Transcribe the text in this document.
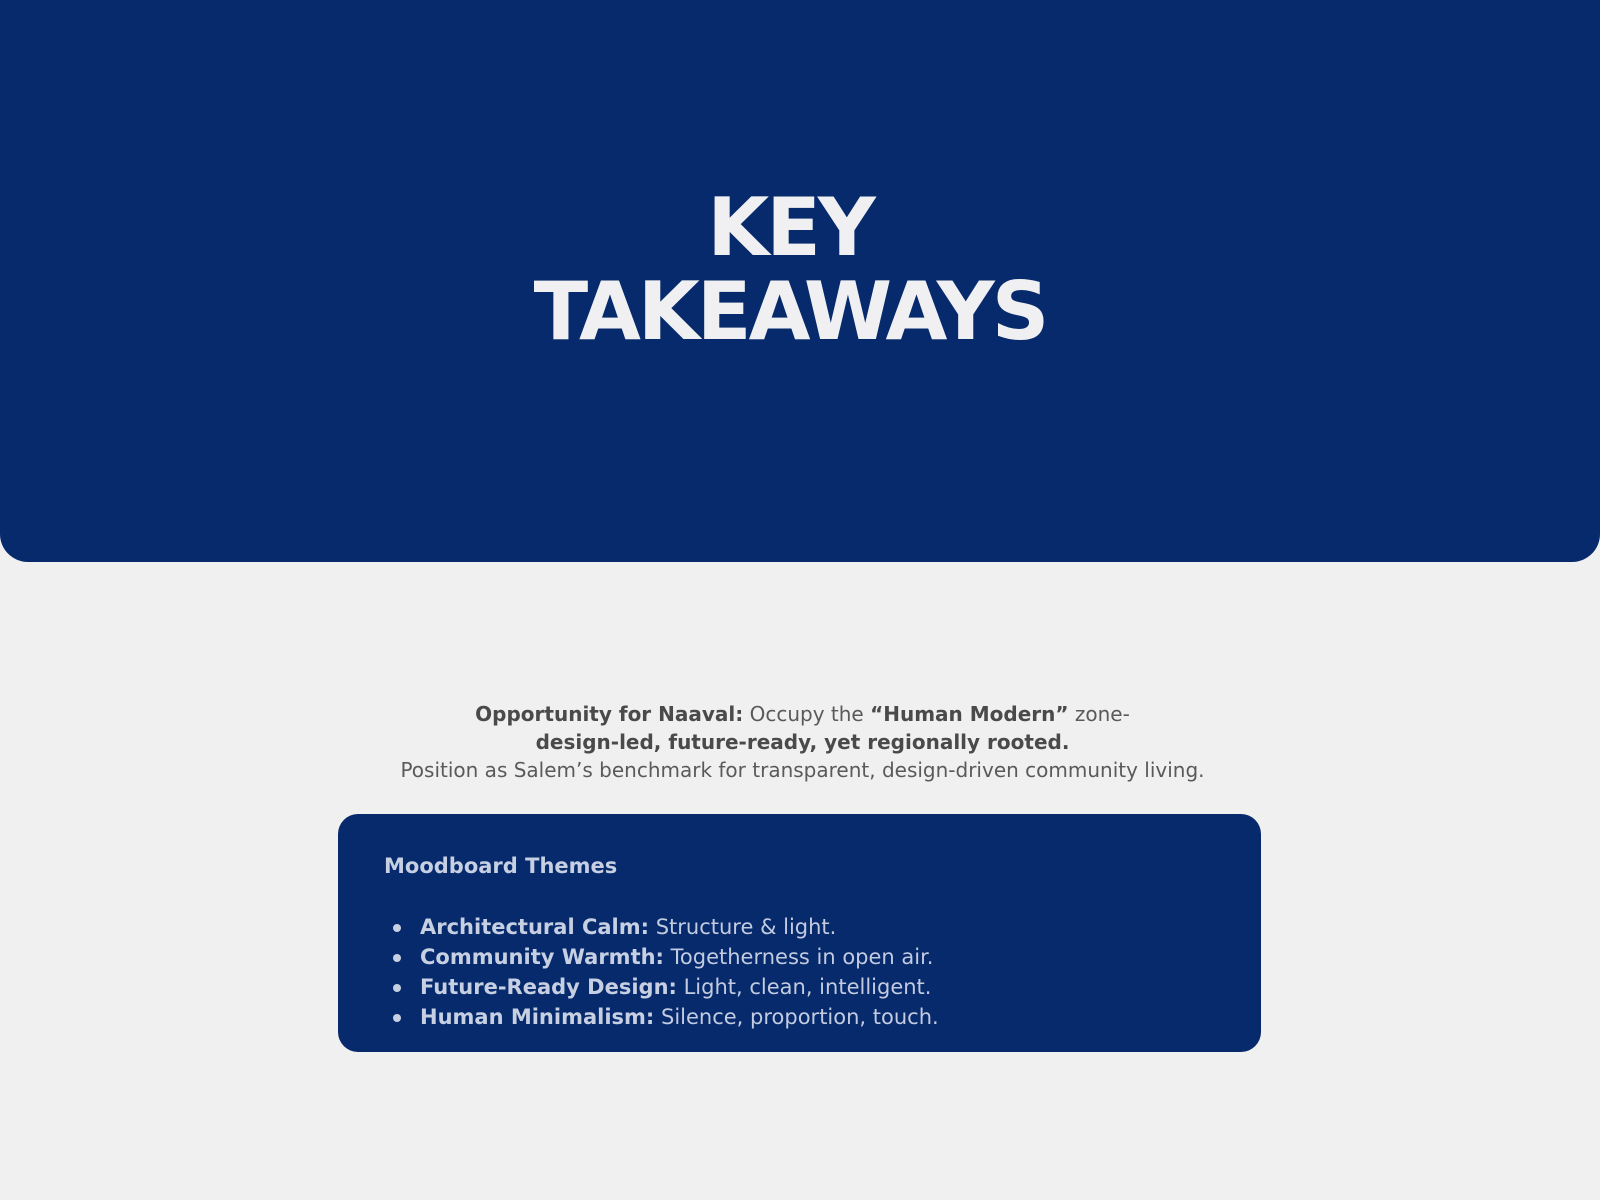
KEY
TAKEAWAYS
Opportunity for Naaval: Occupy the “Human Modern” zone-
design-led, future-ready, yet regionally rooted.
Position as Salem’s benchmark for transparent, design-driven community living.
Moodboard Themes
Architectural Calm: Structure & light.
Community Warmth: Togetherness in open air.
Future-Ready Design: Light, clean, intelligent.
Human Minimalism: Silence, proportion, touch.
